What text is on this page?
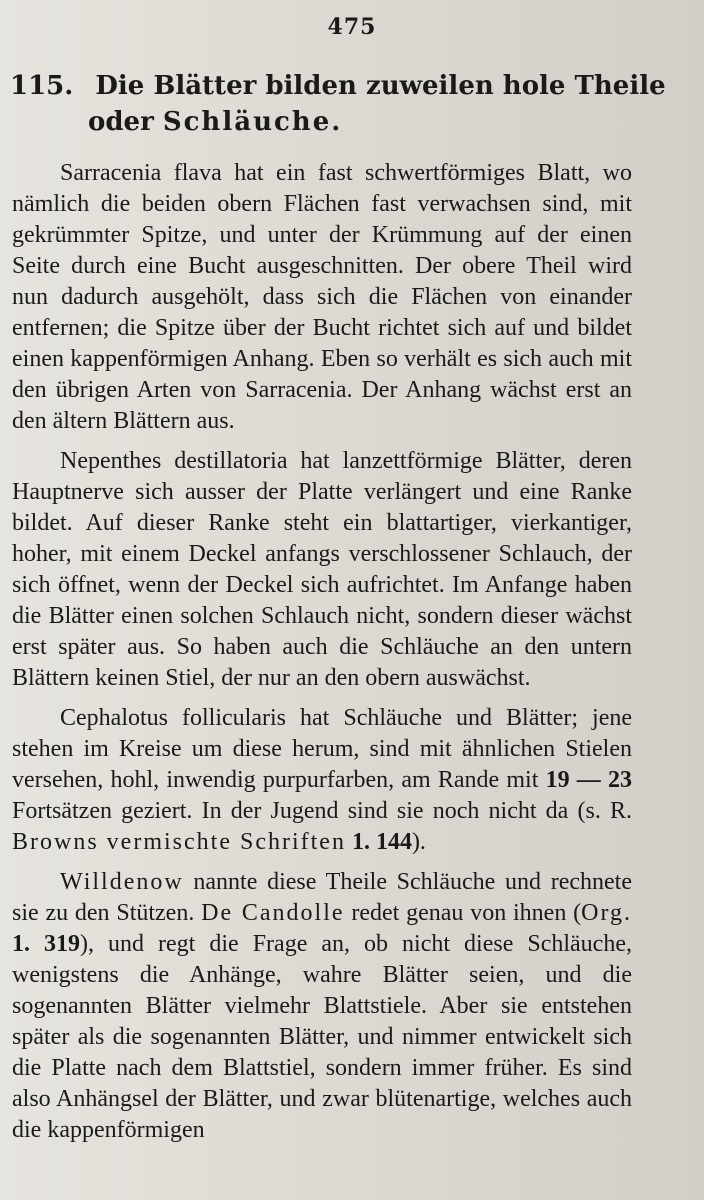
475
115. Die Blätter bilden zuweilen hole Theile
oder Schläuche.

Sarracenia flava hat ein fast schwertförmiges Blatt, wo nämlich die beiden obern Flächen fast verwachsen sind, mit gekrümmter Spitze, und unter der Krümmung auf der einen Seite durch eine Bucht ausgeschnitten. Der obere Theil wird nun dadurch ausgehölt, dass sich die Flächen von einander entfernen; die Spitze über der Bucht richtet sich auf und bildet einen kappenförmigen Anhang. Eben so verhält es sich auch mit den übrigen Arten von Sarracenia. Der Anhang wächst erst an den ältern Blättern aus.

Nepenthes destillatoria hat lanzettförmige Blätter, deren Hauptnerve sich ausser der Platte verlängert und eine Ranke bildet. Auf dieser Ranke steht ein blattartiger, vierkantiger, hoher, mit einem Deckel anfangs verschlossener Schlauch, der sich öffnet, wenn der Deckel sich aufrichtet. Im Anfange haben die Blätter einen solchen Schlauch nicht, sondern dieser wächst erst später aus. So haben auch die Schläuche an den untern Blättern keinen Stiel, der nur an den obern auswächst.

Cephalotus follicularis hat Schläuche und Blätter; jene stehen im Kreise um diese herum, sind mit ähnlichen Stielen versehen, hohl, inwendig purpurfarben, am Rande mit 19 — 23 Fortsätzen geziert. In der Jugend sind sie noch nicht da (s. R. Browns vermischte Schriften 1. 144).

Willdenow nannte diese Theile Schläuche und rechnete sie zu den Stützen. De Candolle redet genau von ihnen (Org. 1. 319), und regt die Frage an, ob nicht diese Schläuche, wenigstens die Anhänge, wahre Blätter seien, und die sogenannten Blätter vielmehr Blattstiele. Aber sie entstehen später als die sogenannten Blätter, und nimmer entwickelt sich die Platte nach dem Blattstiel, sondern immer früher. Es sind also Anhängsel der Blätter, und zwar blütenartige, welches auch die kappenförmigen
